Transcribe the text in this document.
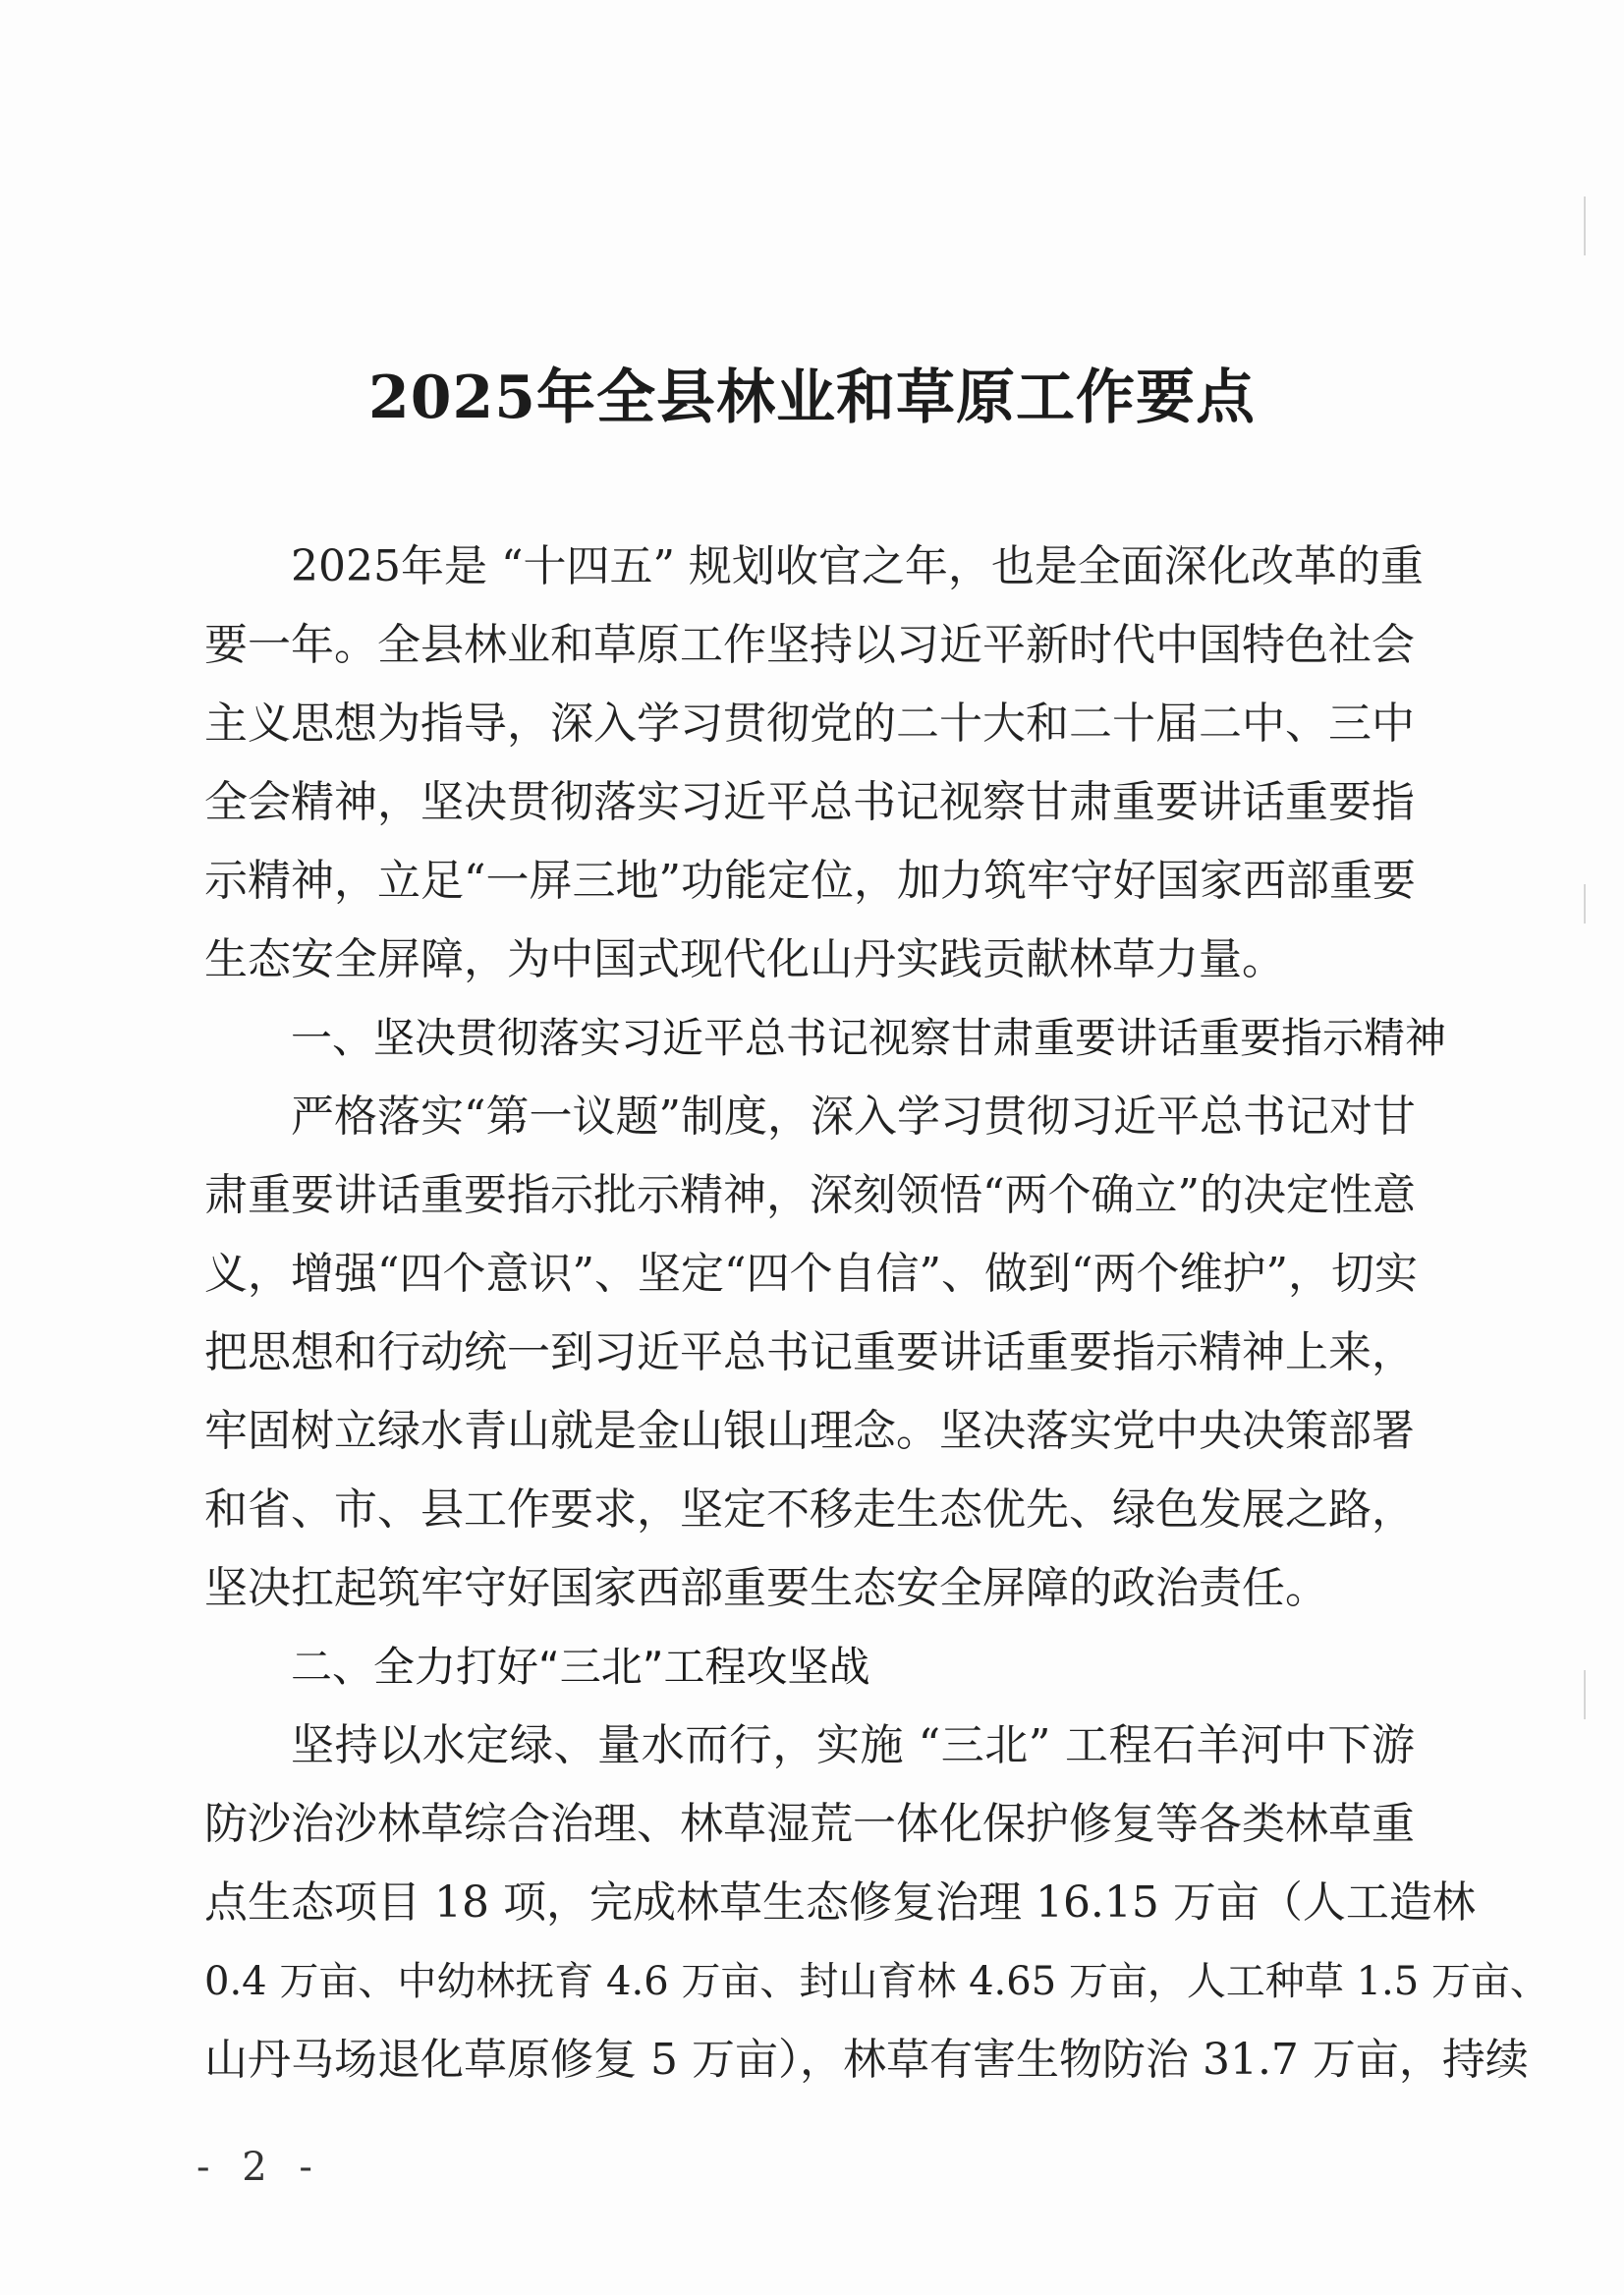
2025年全县林业和草原工作要点
2025年是 “十四五” 规划收官之年，也是全面深化改革的重
要一年。全县林业和草原工作坚持以习近平新时代中国特色社会
主义思想为指导，深入学习贯彻党的二十大和二十届二中、三中
全会精神，坚决贯彻落实习近平总书记视察甘肃重要讲话重要指
示精神，立足“一屏三地”功能定位，加力筑牢守好国家西部重要
生态安全屏障，为中国式现代化山丹实践贡献林草力量。
一、坚决贯彻落实习近平总书记视察甘肃重要讲话重要指示精神
严格落实“第一议题”制度，深入学习贯彻习近平总书记对甘
肃重要讲话重要指示批示精神，深刻领悟“两个确立”的决定性意
义，增强“四个意识”、坚定“四个自信”、做到“两个维护”，切实
把思想和行动统一到习近平总书记重要讲话重要指示精神上来，
牢固树立绿水青山就是金山银山理念。坚决落实党中央决策部署
和省、市、县工作要求，坚定不移走生态优先、绿色发展之路，
坚决扛起筑牢守好国家西部重要生态安全屏障的政治责任。
二、全力打好“三北”工程攻坚战
坚持以水定绿、量水而行，实施 “三北” 工程石羊河中下游
防沙治沙林草综合治理、林草湿荒一体化保护修复等各类林草重
点生态项目 18 项，完成林草生态修复治理 16.15 万亩（人工造林
0.4 万亩、中幼林抚育 4.6 万亩、封山育林 4.65 万亩，人工种草 1.5 万亩、
山丹马场退化草原修复 5 万亩），林草有害生物防治 31.7 万亩，持续
- 2 -
